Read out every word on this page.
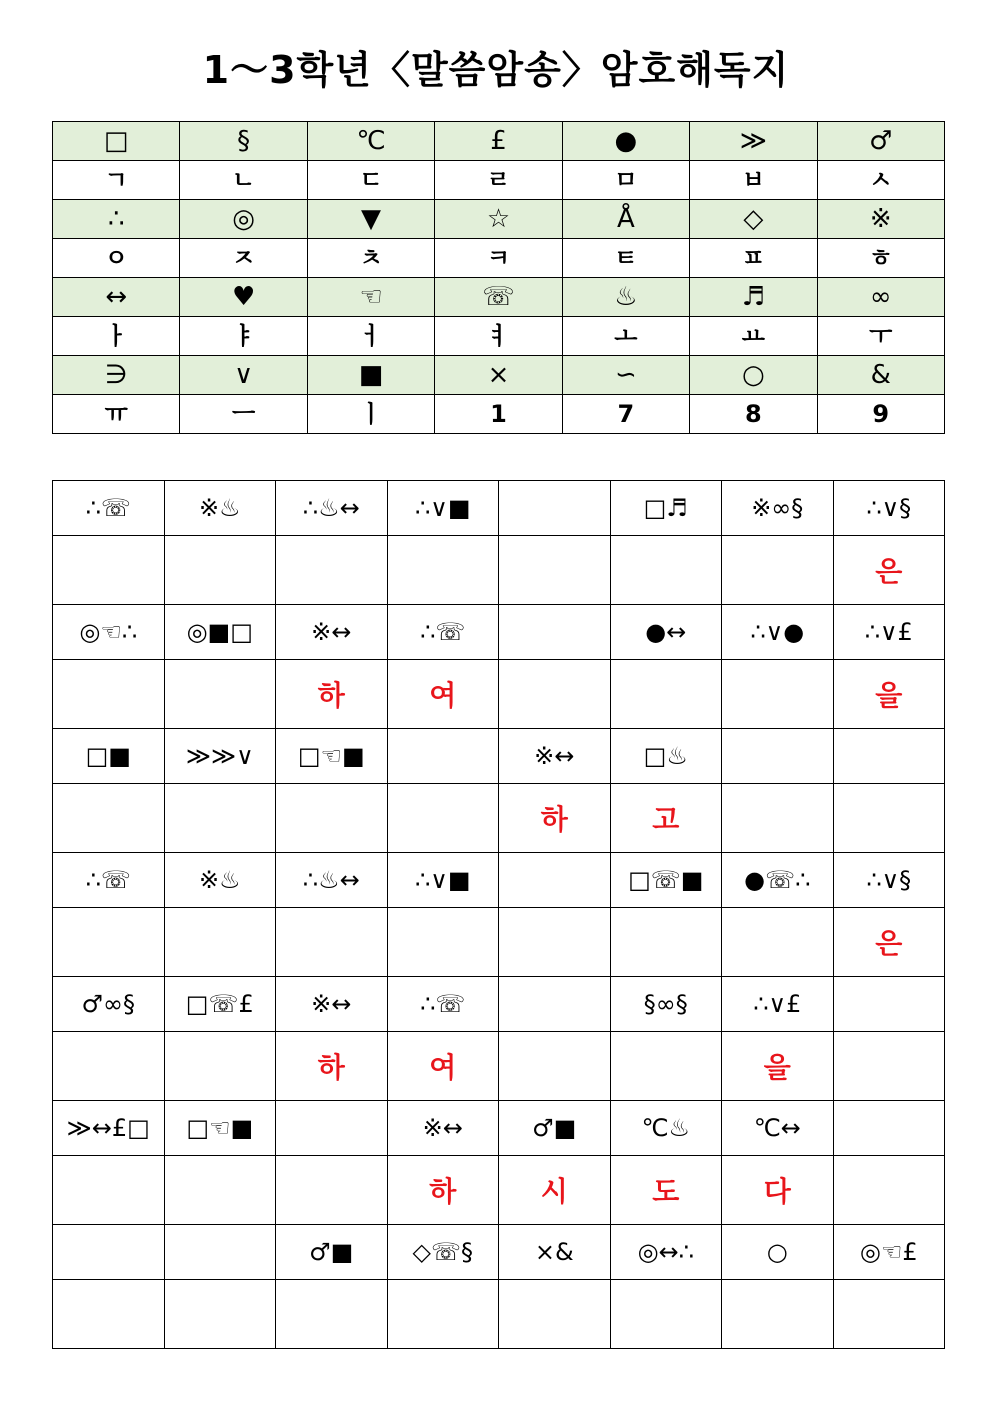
1～3학년〈말씀암송〉암호해독지
□	§	℃	£	●	≫	♂
ㄱ	ㄴ	ㄷ	ㄹ	ㅁ	ㅂ	ㅅ
∴	◎	▼	☆	Å	◇	※
ㅇ	ㅈ	ㅊ	ㅋ	ㅌ	ㅍ	ㅎ
↔	♥	☜	☏	♨	♬	∞
ㅏ	ㅑ	ㅓ	ㅕ	ㅗ	ㅛ	ㅜ
∋	∨	■	×	∽	○	&
ㅠ	ㅡ	ㅣ	1	7	8	9
∴☏	※♨	∴♨↔	∴∨■		□♬	※∞§	∴∨§
							은
◎☜∴	◎■□	※↔	∴☏		●↔	∴∨●	∴∨£
		하	여				을
□■	≫≫∨	□☜■		※↔	□♨		
				하	고		
∴☏	※♨	∴♨↔	∴∨■		□☏■	●☏∴	∴∨§
							은
♂∞§	□☏£	※↔	∴☏		§∞§	∴∨£	
		하	여			을	
≫↔£□	□☜■		※↔	♂■	℃♨	℃↔	
			하	시	도	다	
		♂■	◇☏§	×&	◎↔∴	○	◎☜£
